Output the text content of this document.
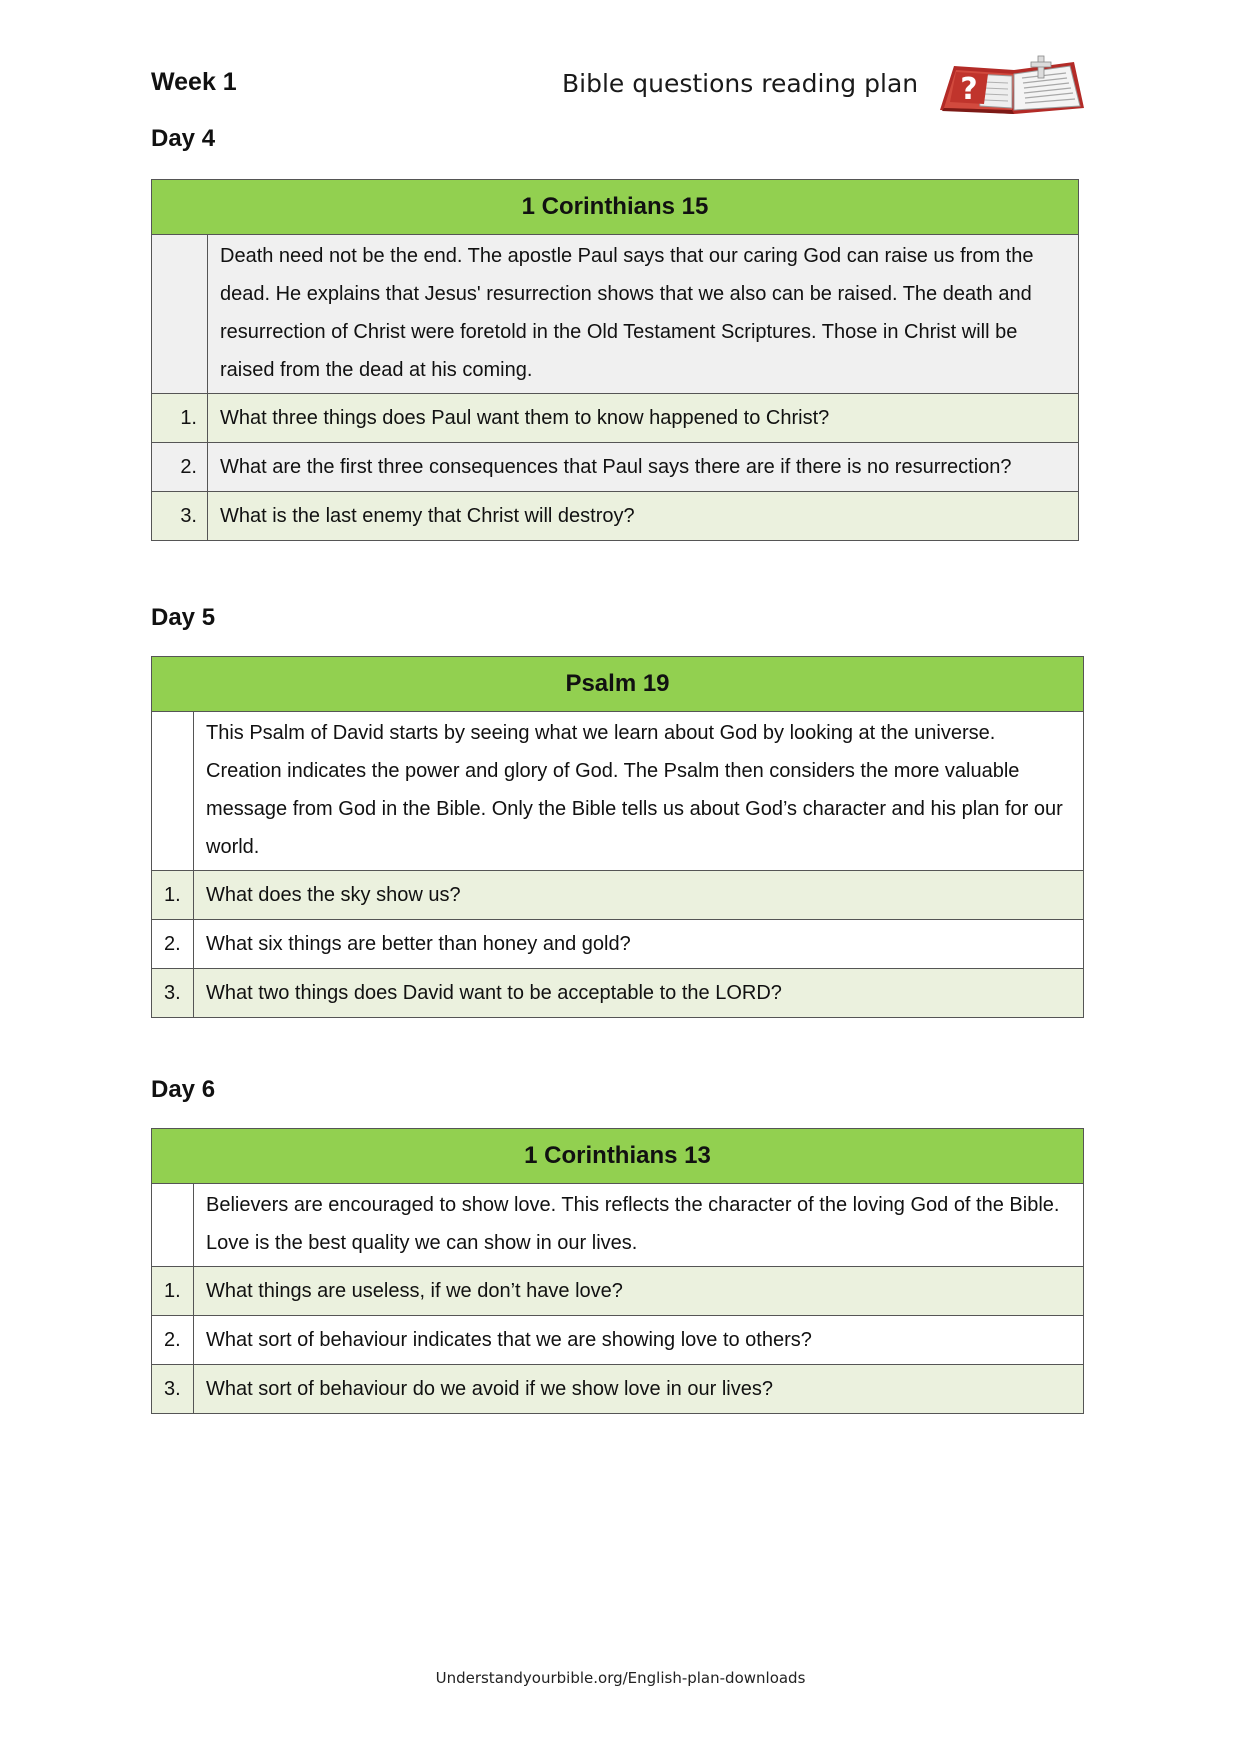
Week 1	Bible questions reading plan ?
Day 4
1 Corinthians 15	
	Death need not be the end. The apostle Paul says that our caring God can raise us from the dead. He explains that Jesus' resurrection shows that we also can be raised. The death and resurrection of Christ were foretold in the Old Testament Scriptures. Those in Christ will be raised from the dead at his coming.
1.	What three things does Paul want them to know happened to Christ?
2.	What are the first three consequences that Paul says there are if there is no resurrection?
3.	What is the last enemy that Christ will destroy?
Day 5
Psalm 19	
	This Psalm of David starts by seeing what we learn about God by looking at the universe. Creation indicates the power and glory of God. The Psalm then considers the more valuable message from God in the Bible. Only the Bible tells us about God’s character and his plan for our world.
1.	What does the sky show us?
2.	What six things are better than honey and gold?
3.	What two things does David want to be acceptable to the LORD?
Day 6
1 Corinthians 13	
	Believers are encouraged to show love. This reflects the character of the loving God of the Bible. Love is the best quality we can show in our lives.
1.	What things are useless, if we don’t have love?
2.	What sort of behaviour indicates that we are showing love to others?
3.	What sort of behaviour do we avoid if we show love in our lives?
Understandyourbible.org/English-plan-downloads
